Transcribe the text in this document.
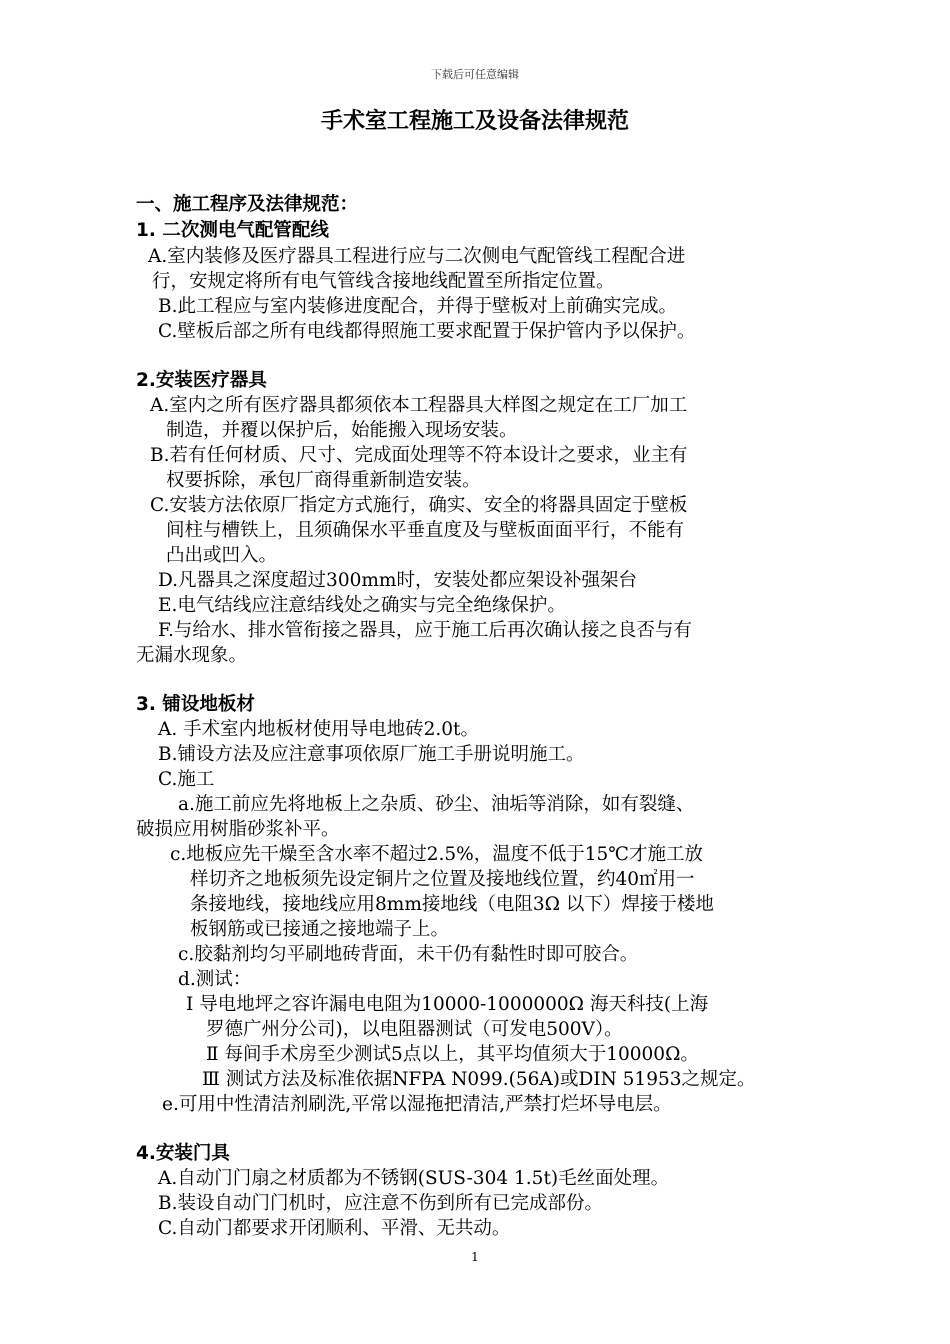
下载后可任意编辑
手术室工程施工及设备法律规范
一、施工程序及法律规范：
1. 二次测电气配管配线
A.室内装修及医疗器具工程进行应与二次侧电气配管线工程配合进
行，安规定将所有电气管线含接地线配置至所指定位置。
B.此工程应与室内装修进度配合，并得于壁板对上前确实完成。
C.壁板后部之所有电线都得照施工要求配置于保护管内予以保护。
2.安装医疗器具
A.室内之所有医疗器具都须依本工程器具大样图之规定在工厂加工
制造，并覆以保护后，始能搬入现场安装。
B.若有任何材质、尺寸、完成面处理等不符本设计之要求，业主有
权要拆除，承包厂商得重新制造安装。
C.安装方法依原厂指定方式施行，确实、安全的将器具固定于壁板
间柱与槽铁上，且须确保水平垂直度及与壁板面面平行，不能有
凸出或凹入。
D.凡器具之深度超过300mm时，安装处都应架设补强架台
E.电气结线应注意结线处之确实与完全绝缘保护。
F.与给水、排水管衔接之器具，应于施工后再次确认接之良否与有
无漏水现象。
3. 铺设地板材
A. 手术室内地板材使用导电地砖2.0t。
B.铺设方法及应注意事项依原厂施工手册说明施工。
C.施工
a.施工前应先将地板上之杂质、砂尘、油垢等消除，如有裂缝、
破损应用树脂砂浆补平。
c.地板应先干燥至含水率不超过2.5%，温度不低于15℃才施工放
样切齐之地板须先设定铜片之位置及接地线位置，约40㎡用一
条接地线，接地线应用8mm接地线（电阻3Ω 以下）焊接于楼地
板钢筋或已接通之接地端子上。
c.胶黏剂均匀平刷地砖背面，未干仍有黏性时即可胶合。
d.测试：
Ⅰ 导电地坪之容许漏电电阻为10000-1000000Ω 海天科技(上海
罗德广州分公司)，以电阻器测试（可发电500V）。
Ⅱ 每间手术房至少测试5点以上，其平均值须大于10000Ω。
Ⅲ 测试方法及标准依据NFPA N099.(56A)或DIN 51953之规定。
e.可用中性清洁剂刷洗,平常以湿拖把清洁,严禁打烂坏导电层。
4.安装门具
A.自动门门扇之材质都为不锈钢(SUS-304 1.5t)毛丝面处理。
B.装设自动门门机时，应注意不伤到所有已完成部份。
C.自动门都要求开闭顺利、平滑、无共动。
1
